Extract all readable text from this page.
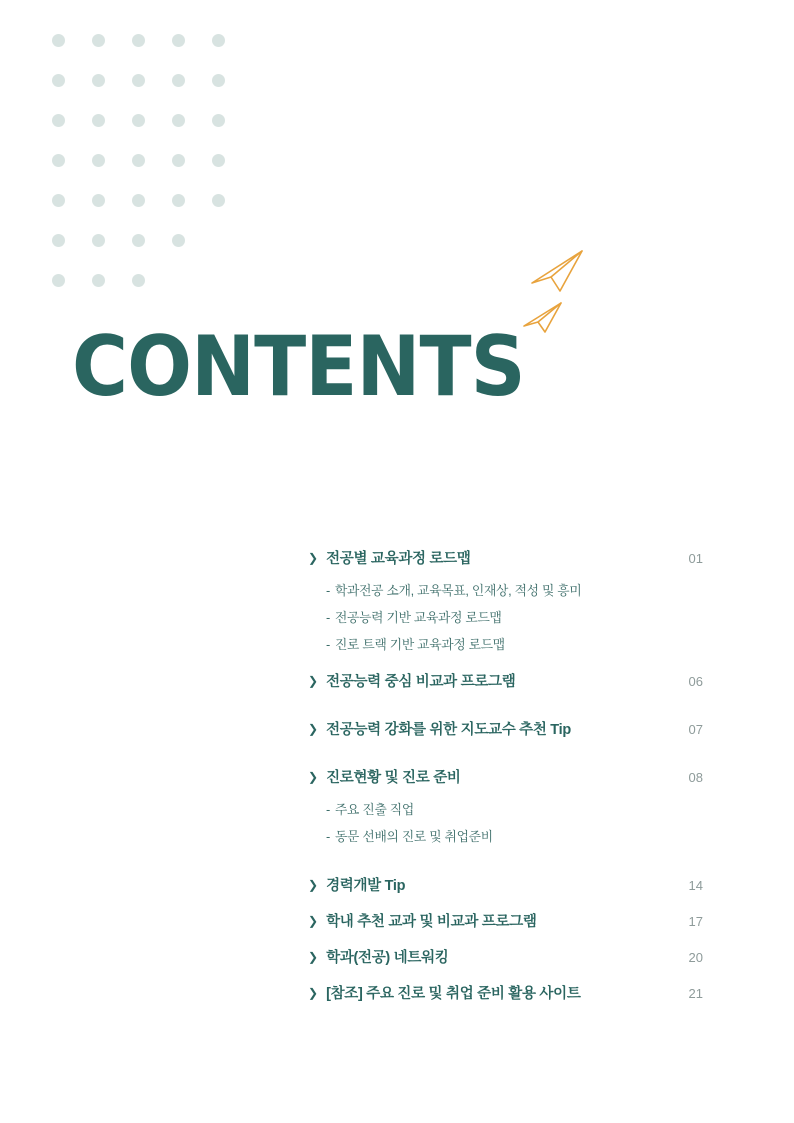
CONTENTS
❯ 전공별 교육과정 로드맵	01
- 학과전공 소개, 교육목표, 인재상, 적성 및 흥미
- 전공능력 기반 교육과정 로드맵
- 진로 트랙 기반 교육과정 로드맵
❯ 전공능력 중심 비교과 프로그램	06
❯ 전공능력 강화를 위한 지도교수 추천 Tip	07
❯ 진로현황 및 진로 준비	08
- 주요 진출 직업
- 동문 선배의 진로 및 취업준비
❯ 경력개발 Tip	14
❯ 학내 추천 교과 및 비교과 프로그램	17
❯ 학과(전공) 네트워킹	20
❯ [참조] 주요 진로 및 취업 준비 활용 사이트	21
